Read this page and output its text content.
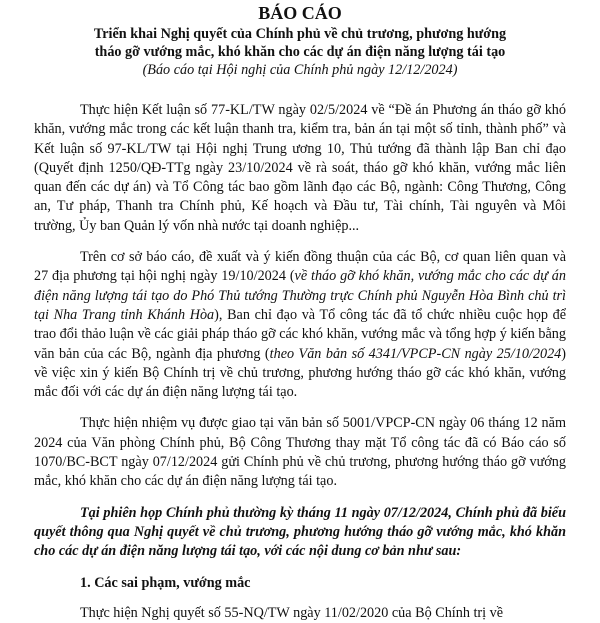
BÁO CÁO
Triển khai Nghị quyết của Chính phủ về chủ trương, phương hướng
tháo gỡ vướng mắc, khó khăn cho các dự án điện năng lượng tái tạo
(Báo cáo tại Hội nghị của Chính phủ ngày 12/12/2024)

Thực hiện Kết luận số 77-KL/TW ngày 02/5/2024 về “Đề án Phương án tháo gỡ khó khăn, vướng mắc trong các kết luận thanh tra, kiểm tra, bản án tại một số tỉnh, thành phố” và Kết luận số 97-KL/TW tại Hội nghị Trung ương 10, Thủ tướng đã thành lập Ban chỉ đạo (Quyết định 1250/QĐ-TTg ngày 23/10/2024 về rà soát, tháo gỡ khó khăn, vướng mắc liên quan đến các dự án) và Tổ Công tác bao gồm lãnh đạo các Bộ, ngành: Công Thương, Công an, Tư pháp, Thanh tra Chính phủ, Kế hoạch và Đầu tư, Tài chính, Tài nguyên và Môi trường, Ủy ban Quản lý vốn nhà nước tại doanh nghiệp...

Trên cơ sở báo cáo, đề xuất và ý kiến đồng thuận của các Bộ, cơ quan liên quan và 27 địa phương tại hội nghị ngày 19/10/2024 (về tháo gỡ khó khăn, vướng mắc cho các dự án điện năng lượng tái tạo do Phó Thủ tướng Thường trực Chính phủ Nguyễn Hòa Bình chủ trì tại Nha Trang tỉnh Khánh Hòa), Ban chỉ đạo và Tổ công tác đã tổ chức nhiều cuộc họp để trao đổi thảo luận về các giải pháp tháo gỡ các khó khăn, vướng mắc và tổng hợp ý kiến bằng văn bản của các Bộ, ngành địa phương (theo Văn bản số 4341/VPCP-CN ngày 25/10/2024) về việc xin ý kiến Bộ Chính trị về chủ trương, phương hướng tháo gỡ các khó khăn, vướng mắc đối với các dự án điện năng lượng tái tạo.

Thực hiện nhiệm vụ được giao tại văn bản số 5001/VPCP-CN ngày 06 tháng 12 năm 2024 của Văn phòng Chính phủ, Bộ Công Thương thay mặt Tổ công tác đã có Báo cáo số 1070/BC-BCT ngày 07/12/2024 gửi Chính phủ về chủ trương, phương hướng tháo gỡ vướng mắc, khó khăn cho các dự án điện năng lượng tái tạo.

Tại phiên họp Chính phủ thường kỳ tháng 11 ngày 07/12/2024, Chính phủ đã biểu quyết thông qua Nghị quyết về chủ trương, phương hướng tháo gỡ vướng mắc, khó khăn cho các dự án điện năng lượng tái tạo, với các nội dung cơ bản như sau:

1. Các sai phạm, vướng mắc

Thực hiện Nghị quyết số 55-NQ/TW ngày 11/02/2020 của Bộ Chính trị về
